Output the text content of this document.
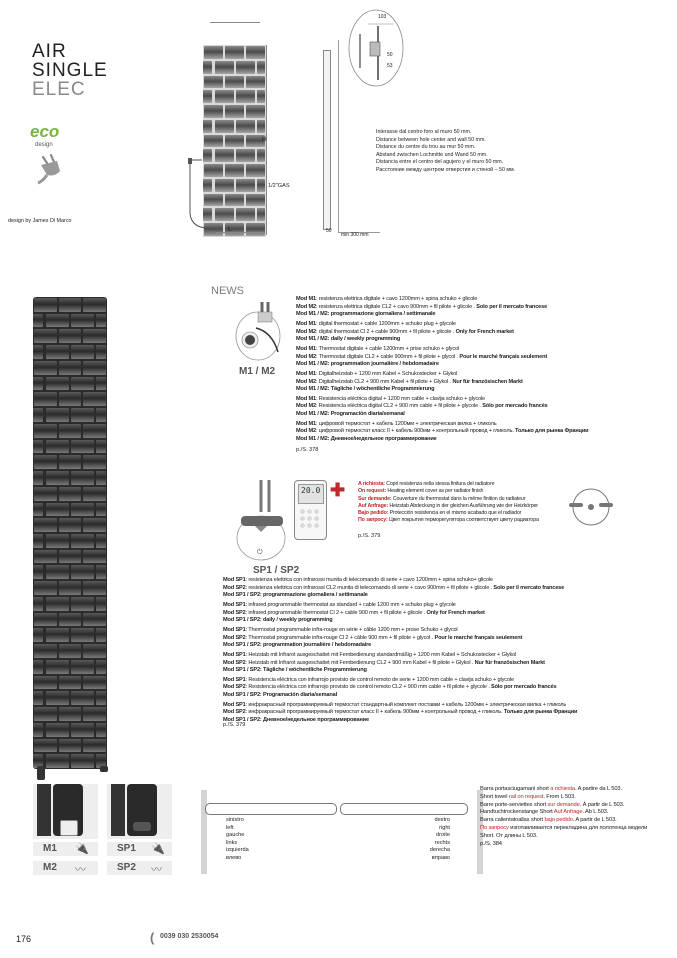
AIR
SINGLE
ELEC
eco
design
design by James Di Marco
H
L
1/2"GAS
50
min 300 mm
103
50
53
Interasse dal centro foro al muro 50 mm.
Distance between hole center and wall 50 mm.
Distance du centre du trou au mur 50 mm.
Abstand zwischen Lochmitte und Wand 50 mm.
Distancia entre el centro del agujero y el muro 50 mm.
Расстояние между центром отверстия и стеной – 50 мм.
NEWS
M1 / M2
Mod M1: resistenza elettrica digitale + cavo 1200mm + spina schuko + glicole
Mod M2: resistenza elettrica digitale CL2 + cavo 900mm + fil pilote + glicole . Solo per il mercato francese
Mod M1 / M2: programmazione giornaliera / settimanale
Mod M1: digital thermostat + cable 1200mm + schuko plug + glycole
Mod M2: digital thermostat Cl 2 + cable 900mm + fil pilote + glicole . Only for French market
Mod M1 / M2: daily / weekly programming
Mod M1: Thermostat digitale + cable 1200mm + prise schuko + glycol
Mod M2: Thermostat digitale CL2 + cable 900mm + fil pilote + glycol . Pour le marché français seulement
Mod M1 / M2: programmation journalière / hebdomadaire
Mod M1: Digitalheizstab + 1200 mm Kabel + Schukostecker + Glykol
Mod M2: Digitalheizstab CL2 + 900 mm Kabel + fil pilote + Glykol . Nur für französischen Markt
Mod M1 / M2: Tägliche / wöchentliche Programmierung
Mod M1: Resistencia eléctrica digital + 1200 mm cable + clavija schuko + glycole
Mod M2: Resistencia eléctrica digital CL2 + 900 mm cable + fil pilote + glycole . Sólo por mercado francés
Mod M1 / M2: Programación diaria/semanal
Mod M1: цифровой термостат + кабель 1200мм + электрическая вилка + гликоль
Mod M2: цифровой термостат класс II + кабель 900мм + контрольный провод + гликоль. Только для рынка Франции
Mod M1 / M2: Дневное/недельное программирование
p./S. 378
⏻
20.0 ✚
SP1 / SP2
A richiesta: Copri resistenza nella stessa finitura del radiatore
On request: Heating element cover as per radiator finish
Sur demande: Couverture du thermostat dans la même finition du radiateur
Auf Anfrage: Heizstab Abdeckung in der gleichen Ausführung wie der Heizkörper
Bajo pedido: Protección resistencia en el mismo acabado que el radiador
По запросу: Цвет покрытия терморегулятора соответствует цвету радиатора
p./S. 379
Mod SP1: resistenza elettrica con infrarossi munita di telecomando di serie + cavo 1200mm + spina schuko+ glicole
Mod SP2: resistenza elettrica con infrarossi CL2 munita di telecomando di serie + cavo 900mm + fil pilote + glicole . Solo per il mercato francese
Mod SP1 / SP2: programmazione giornaliera / settimanale
Mod SP1: infrared programmable thermostat as standard + cable 1200 mm + schuko plug + glycole
Mod SP2: infrared programmable thermostat Cl 2 + cable 900 mm + fil pilote + glicole . Only for French market
Mod SP1 / SP2: daily / weekly programming
Mod SP1: Thermostat programmable infra-rouge en série + câble 1200 mm + prose Schuko + glycol
Mod SP2: Thermostat programmable infra-rouge Cl 2 + câble 900 mm + fil pilote + glycol . Pour le marché français seulement
Mod SP1 / SP2: programmation journalière / hebdomadaire
Mod SP1: Heizstab mit Infrarot ausgeschattet mit Fernbedienung standardmäßig + 1200 mm Kabel + Schukostecker + Glykol
Mod SP2: Heizstab mit Infrarot ausgeschattet mit Fernbedienung CL2 + 900 mm Kabel + fil pilote + Glykol . Nur für französischen Markt
Mod SP1 / SP2: Tägliche / wöchentliche Programmierung
Mod SP1: Resistencia eléctrica con infrarrojo provisto de control remoto de serie + 1200 mm cable + clavija schuko + glycole
Mod SP2: Resistencia eléctrica con infrarrojo provisto de control remoto CL2 + 900 mm cable + fil pilote + glycole . Sólo por mercado francés
Mod SP1 / SP2: Programación diaria/semanal
Mod SP1: инфракрасный программируемый термостат стандартный комплект поставки + кабель 1200мм + электрическая вилка + гликоль
Mod SP2: инфракрасный программируемый термостат класс II + кабель 900мм + контрольный провод + гликоль. Только для рынка Франции
Mod SP1 / SP2: Дневное/недельное программирование
p./S. 379
M1 🔌
M2 〰
SP1 🔌
SP2 〰
sinistro
left
gauche
links
izquierda
влево
destro
right
droite
rechts
derecha
вправо
Barra portasciugamani short a richiesta. A partire da L 503.
Short towel rail on request. From L 503.
Barre porte-serviettes short sur demande. À partir de L 503.
Handtuchtrockenstange Short Auf Anfrage. Ab L 503.
Barra calientatoallas short bajo pedido. A partir de L 503.
По запросу изготавливается перекладина для полотенца модели Short. От длины L 503.
p./S. 384
176	( 0039 030 2530054
